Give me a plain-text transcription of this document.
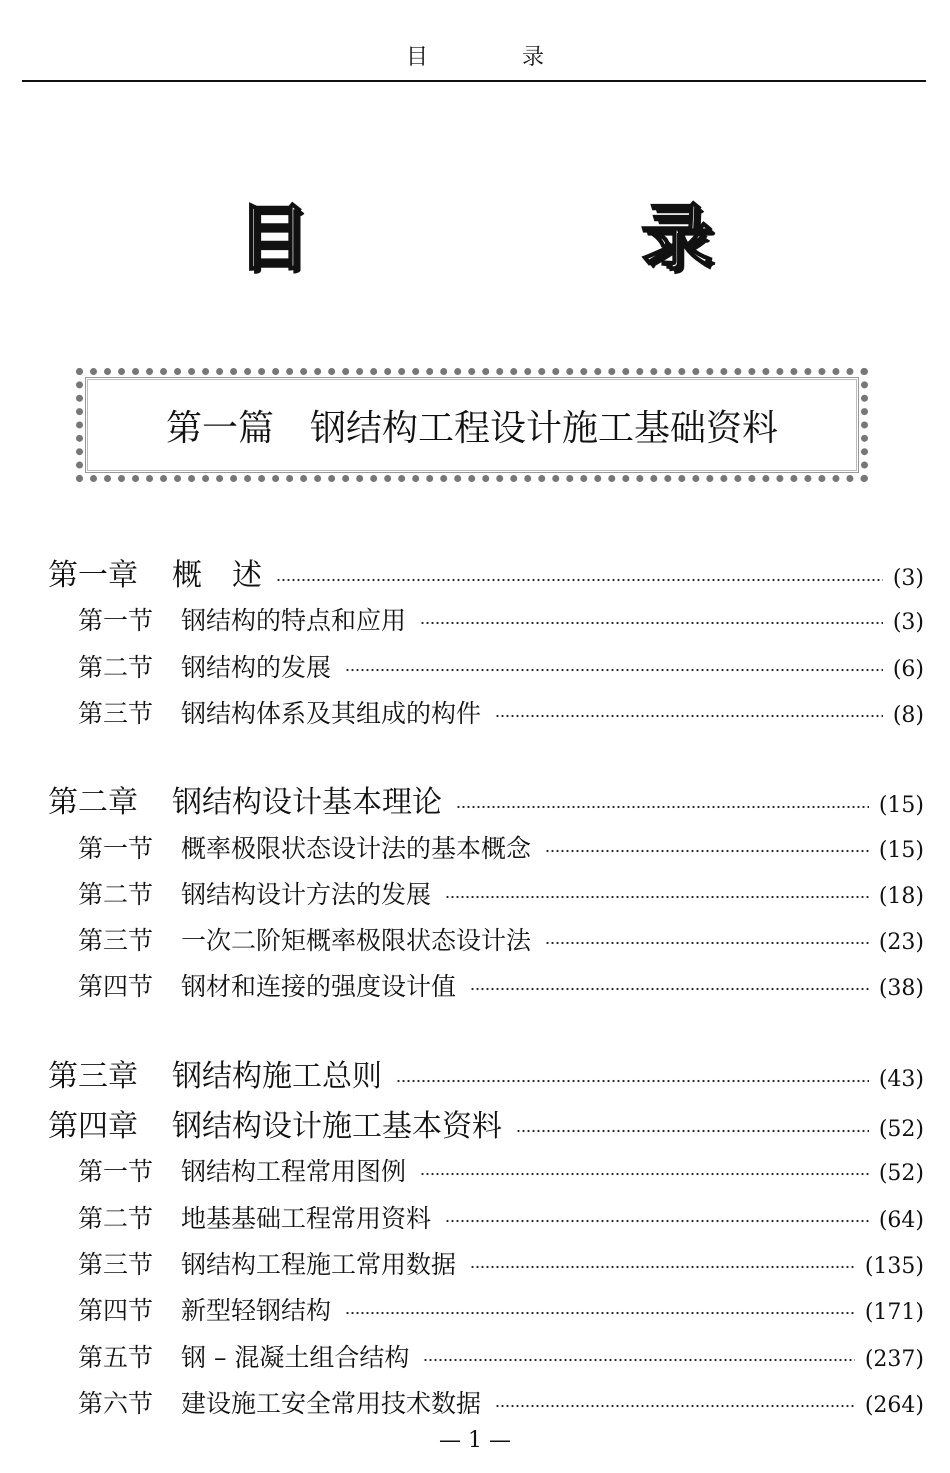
目　录
目　录
第一篇　钢结构工程设计施工基础资料
第一章 概　述	(3)
第一节 钢结构的特点和应用	(3)
第二节 钢结构的发展	(6)
第三节 钢结构体系及其组成的构件	(8)
第二章 钢结构设计基本理论	(15)
第一节 概率极限状态设计法的基本概念	(15)
第二节 钢结构设计方法的发展	(18)
第三节 一次二阶矩概率极限状态设计法	(23)
第四节 钢材和连接的强度设计值	(38)
第三章 钢结构施工总则	(43)
第四章 钢结构设计施工基本资料	(52)
第一节 钢结构工程常用图例	(52)
第二节 地基基础工程常用资料	(64)
第三节 钢结构工程施工常用数据	(135)
第四节 新型轻钢结构	(171)
第五节 钢 – 混凝土组合结构	(237)
第六节 建设施工安全常用技术数据	(264)
— 1 —
